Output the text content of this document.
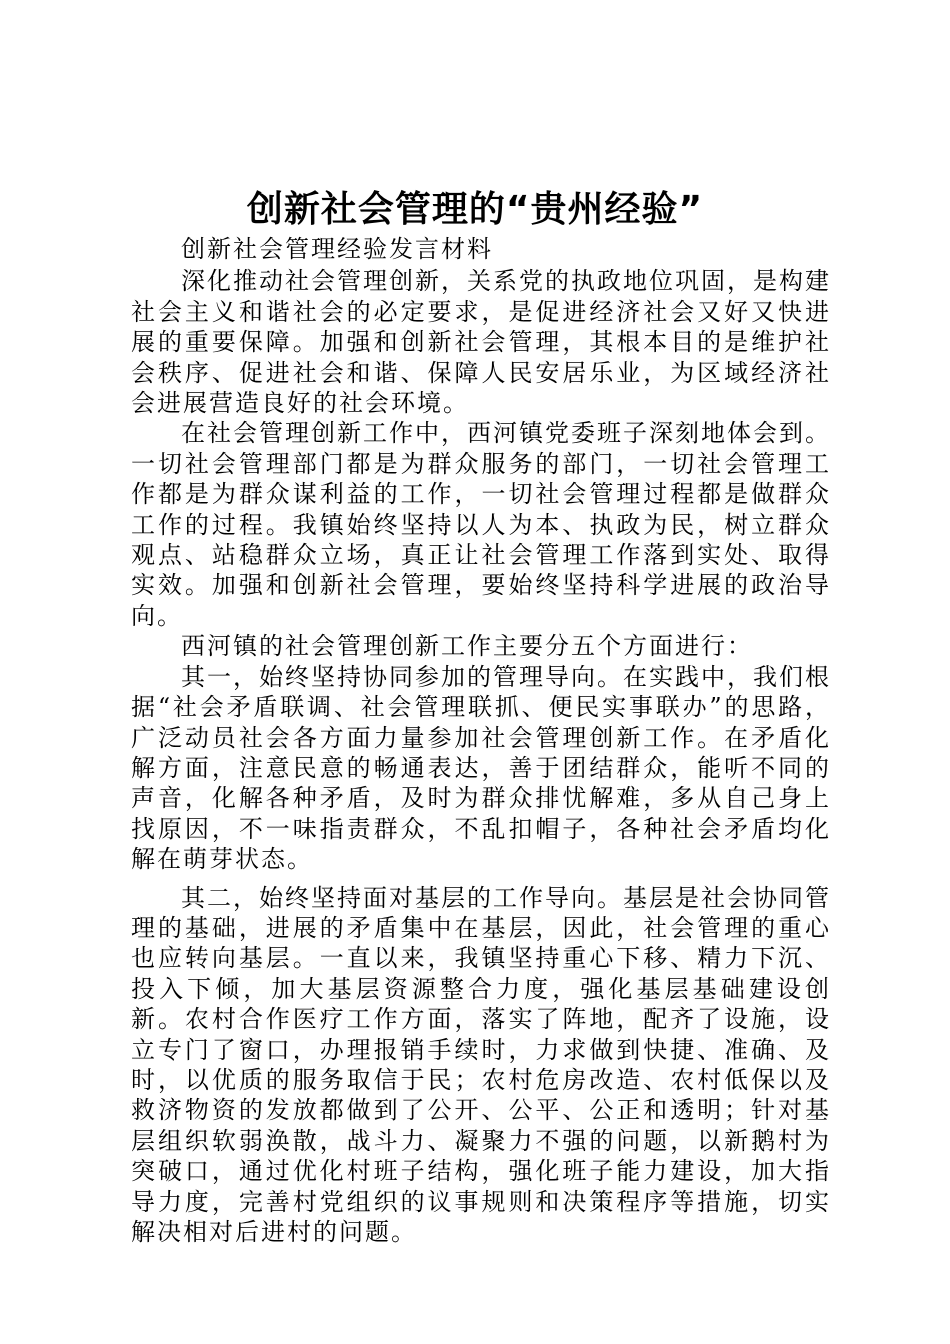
创新社会管理的“贵州经验”

创新社会管理经验发言材料

深化推动社会管理创新，关系党的执政地位巩固，是构建社会主义和谐社会的必定要求，是促进经济社会又好又快进展的重要保障。加强和创新社会管理，其根本目的是维护社会秩序、促进社会和谐、保障人民安居乐业，为区域经济社会进展营造良好的社会环境。

在社会管理创新工作中，西河镇党委班子深刻地体会到。一切社会管理部门都是为群众服务的部门，一切社会管理工作都是为群众谋利益的工作，一切社会管理过程都是做群众工作的过程。我镇始终坚持以人为本、执政为民，树立群众观点、站稳群众立场，真正让社会管理工作落到实处、取得实效。加强和创新社会管理，要始终坚持科学进展的政治导向。

西河镇的社会管理创新工作主要分五个方面进行：

其一，始终坚持协同参加的管理导向。在实践中，我们根据“社会矛盾联调、社会管理联抓、便民实事联办”的思路，广泛动员社会各方面力量参加社会管理创新工作。在矛盾化解方面，注意民意的畅通表达，善于团结群众，能听不同的声音，化解各种矛盾，及时为群众排忧解难，多从自己身上找原因，不一味指责群众，不乱扣帽子，各种社会矛盾均化解在萌芽状态。

其二，始终坚持面对基层的工作导向。基层是社会协同管理的基础，进展的矛盾集中在基层，因此，社会管理的重心也应转向基层。一直以来，我镇坚持重心下移、精力下沉、投入下倾，加大基层资源整合力度，强化基层基础建设创新。农村合作医疗工作方面，落实了阵地，配齐了设施，设立专门了窗口，办理报销手续时，力求做到快捷、准确、及时，以优质的服务取信于民；农村危房改造、农村低保以及救济物资的发放都做到了公开、公平、公正和透明；针对基层组织软弱涣散，战斗力、凝聚力不强的问题，以新鹅村为突破口，通过优化村班子结构，强化班子能力建设，加大指导力度，完善村党组织的议事规则和决策程序等措施，切实解决相对后进村的问题。
